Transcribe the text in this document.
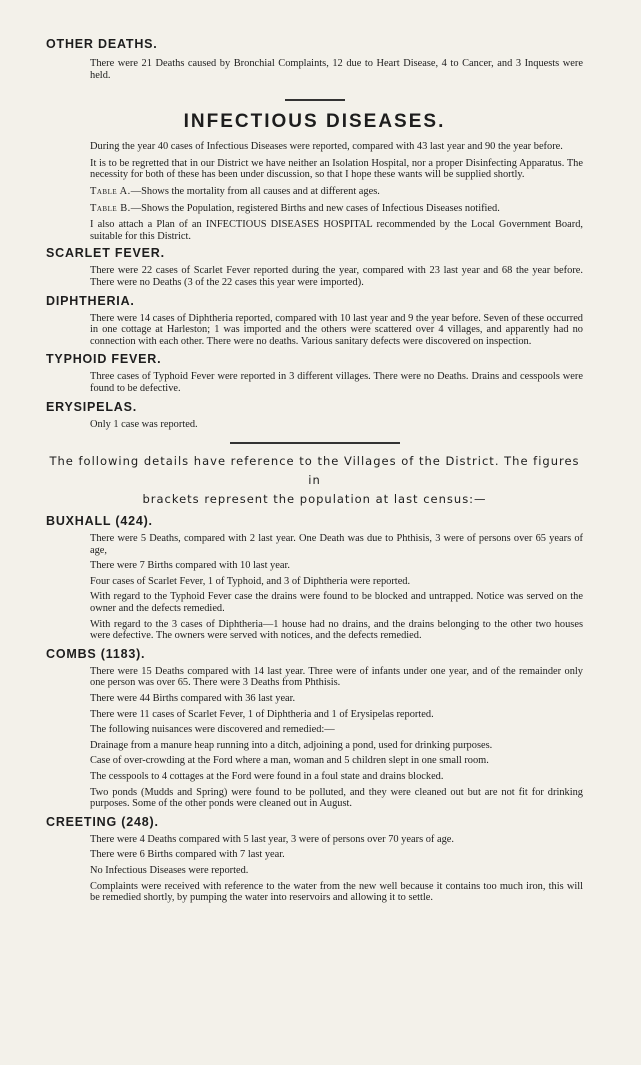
OTHER DEATHS.

There were 21 Deaths caused by Bronchial Complaints, 12 due to Heart Disease, 4 to Cancer, and 3 Inquests were held.

INFECTIOUS DISEASES.

During the year 40 cases of Infectious Diseases were reported, compared with 43 last year and 90 the year before.

It is to be regretted that in our District we have neither an Isolation Hospital, nor a proper Disinfecting Apparatus. The necessity for both of these has been under discussion, so that I hope these wants will be supplied shortly.

Table A.—Shows the mortality from all causes and at different ages.

Table B.—Shows the Population, registered Births and new cases of Infectious Diseases notified.

I also attach a Plan of an INFECTIOUS DISEASES HOSPITAL recommended by the Local Government Board, suitable for this District.

SCARLET FEVER.

There were 22 cases of Scarlet Fever reported during the year, compared with 23 last year and 68 the year before. There were no Deaths (3 of the 22 cases this year were imported).

DIPHTHERIA.

There were 14 cases of Diphtheria reported, compared with 10 last year and 9 the year before. Seven of these occurred in one cottage at Harleston; 1 was imported and the others were scattered over 4 villages, and apparently had no connection with each other. There were no deaths. Various sanitary defects were discovered on inspection.

TYPHOID FEVER.

Three cases of Typhoid Fever were reported in 3 different villages. There were no Deaths. Drains and cesspools were found to be defective.

ERYSIPELAS.

Only 1 case was reported.

The following details have reference to the Villages of the District. The figures in
brackets represent the population at last census:—
BUXHALL (424).

There were 5 Deaths, compared with 2 last year. One Death was due to Phthisis, 3 were of persons over 65 years of age,

There were 7 Births compared with 10 last year.

Four cases of Scarlet Fever, 1 of Typhoid, and 3 of Diphtheria were reported.

With regard to the Typhoid Fever case the drains were found to be blocked and untrapped. Notice was served on the owner and the defects remedied.

With regard to the 3 cases of Diphtheria—1 house had no drains, and the drains belonging to the other two houses were defective. The owners were served with notices, and the defects remedied.

COMBS (1183).

There were 15 Deaths compared with 14 last year. Three were of infants under one year, and of the remainder only one person was over 65. There were 3 Deaths from Phthisis.

There were 44 Births compared with 36 last year.

There were 11 cases of Scarlet Fever, 1 of Diphtheria and 1 of Erysipelas reported.

The following nuisances were discovered and remedied:—

Drainage from a manure heap running into a ditch, adjoining a pond, used for drinking purposes.

Case of over-crowding at the Ford where a man, woman and 5 children slept in one small room.

The cesspools to 4 cottages at the Ford were found in a foul state and drains blocked.

Two ponds (Mudds and Spring) were found to be polluted, and they were cleaned out but are not fit for drinking purposes. Some of the other ponds were cleaned out in August.

CREETING (248).

There were 4 Deaths compared with 5 last year, 3 were of persons over 70 years of age.

There were 6 Births compared with 7 last year.

No Infectious Diseases were reported.

Complaints were received with reference to the water from the new well because it contains too much iron, this will be remedied shortly, by pumping the water into reservoirs and allowing it to settle.
